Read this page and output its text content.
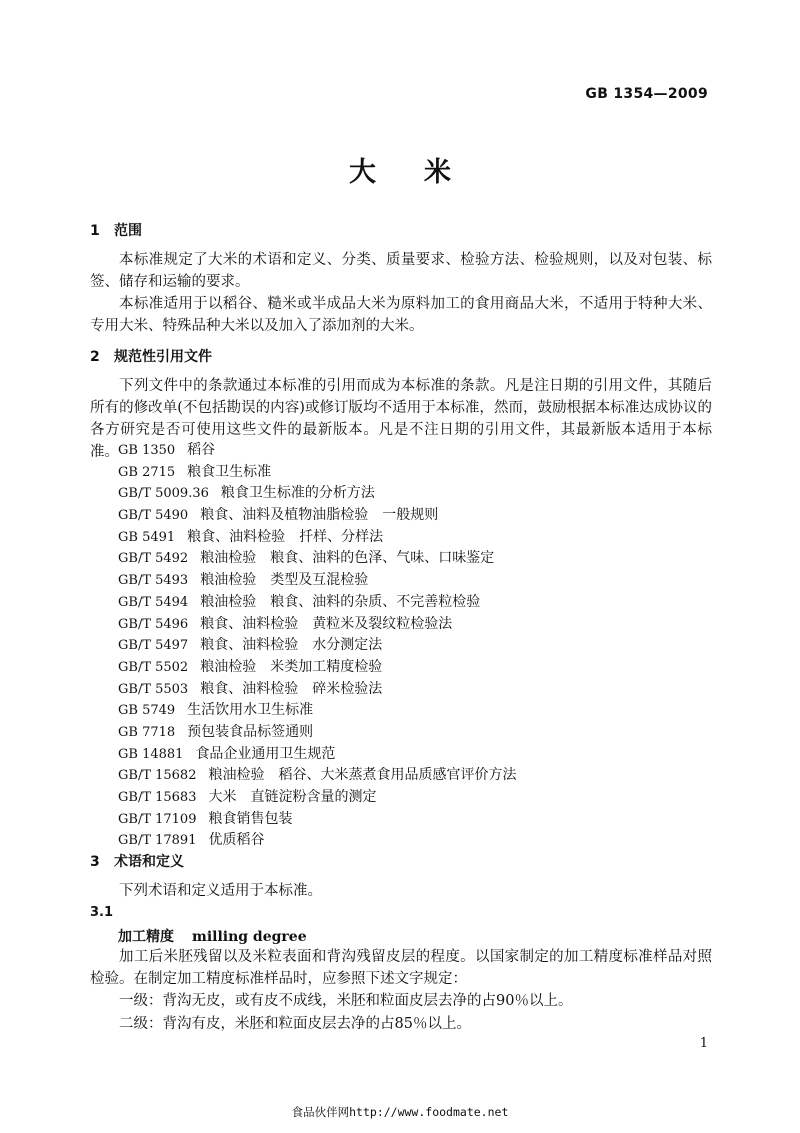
GB 1354—2009
大米
1 范围
本标准规定了大米的术语和定义、分类、质量要求、检验方法、检验规则，以及对包装、标签、储存和运输的要求。
本标准适用于以稻谷、糙米或半成品大米为原料加工的食用商品大米，不适用于特种大米、专用大米、特殊品种大米以及加入了添加剂的大米。
2 规范性引用文件
下列文件中的条款通过本标准的引用而成为本标准的条款。凡是注日期的引用文件，其随后所有的修改单(不包括勘误的内容)或修订版均不适用于本标准，然而，鼓励根据本标准达成协议的各方研究是否可使用这些文件的最新版本。凡是不注日期的引用文件，其最新版本适用于本标准。 GB 1350 稻谷
GB 2715 粮食卫生标准
GB/T 5009.36 粮食卫生标准的分析方法
GB/T 5490 粮食、油料及植物油脂检验　一般规则
GB 5491 粮食、油料检验　扦样、分样法
GB/T 5492 粮油检验　粮食、油料的色泽、气味、口味鉴定
GB/T 5493 粮油检验　类型及互混检验
GB/T 5494 粮油检验　粮食、油料的杂质、不完善粒检验
GB/T 5496 粮食、油料检验　黄粒米及裂纹粒检验法
GB/T 5497 粮食、油料检验　水分测定法
GB/T 5502 粮油检验　米类加工精度检验
GB/T 5503 粮食、油料检验　碎米检验法
GB 5749 生活饮用水卫生标准
GB 7718 预包装食品标签通则
GB 14881 食品企业通用卫生规范
GB/T 15682 粮油检验　稻谷、大米蒸煮食用品质感官评价方法
GB/T 15683 大米　直链淀粉含量的测定
GB/T 17109 粮食销售包装
GB/T 17891 优质稻谷
3 术语和定义
下列术语和定义适用于本标准。
3.1
加工精度 milling degree
加工后米胚残留以及米粒表面和背沟残留皮层的程度。以国家制定的加工精度标准样品对照检验。在制定加工精度标准样品时，应参照下述文字规定：
一级：背沟无皮，或有皮不成线，米胚和粒面皮层去净的占90％以上。
二级：背沟有皮，米胚和粒面皮层去净的占85％以上。
1
食品伙伴网http://www.foodmate.net
